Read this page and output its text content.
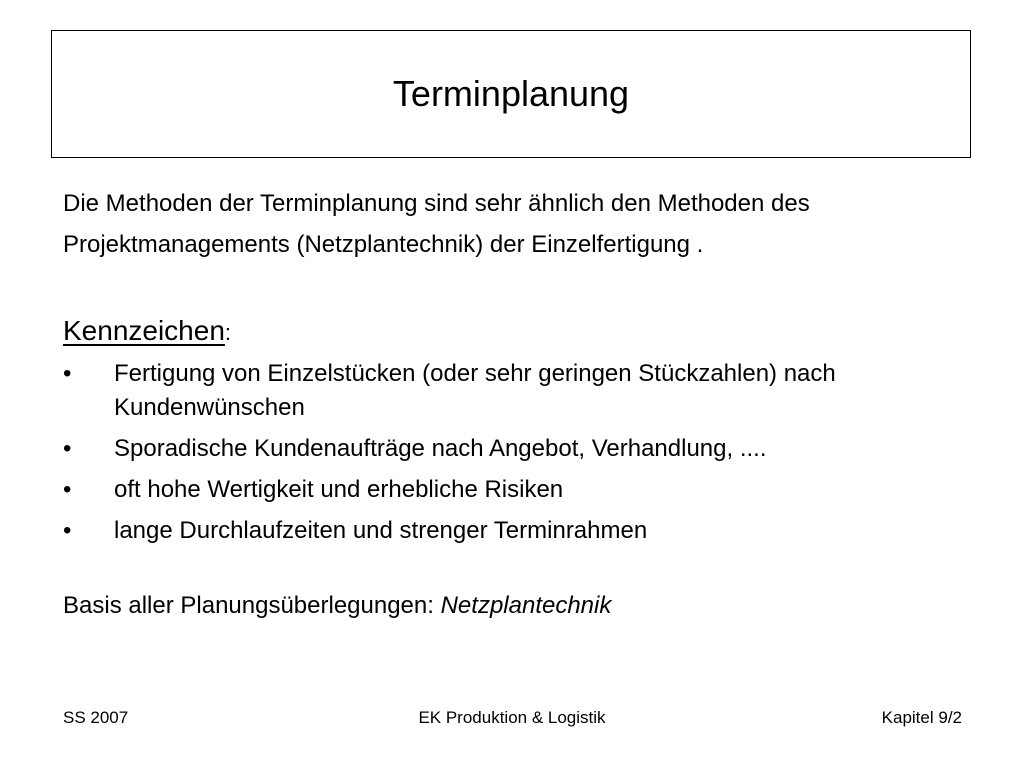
Terminplanung
Die Methoden der Terminplanung sind sehr ähnlich den Methoden des Projektmanagements (Netzplantechnik) der Einzelfertigung .
Kennzeichen:
•	Fertigung von Einzelstücken (oder sehr geringen Stückzahlen) nach Kundenwünschen
•	Sporadische Kundenaufträge nach Angebot, Verhandlung, ....
•	oft hohe Wertigkeit und erhebliche Risiken
•	lange Durchlaufzeiten und strenger Terminrahmen
Basis aller Planungsüberlegungen: Netzplantechnik
SS 2007	EK Produktion & Logistik	Kapitel 9/2
